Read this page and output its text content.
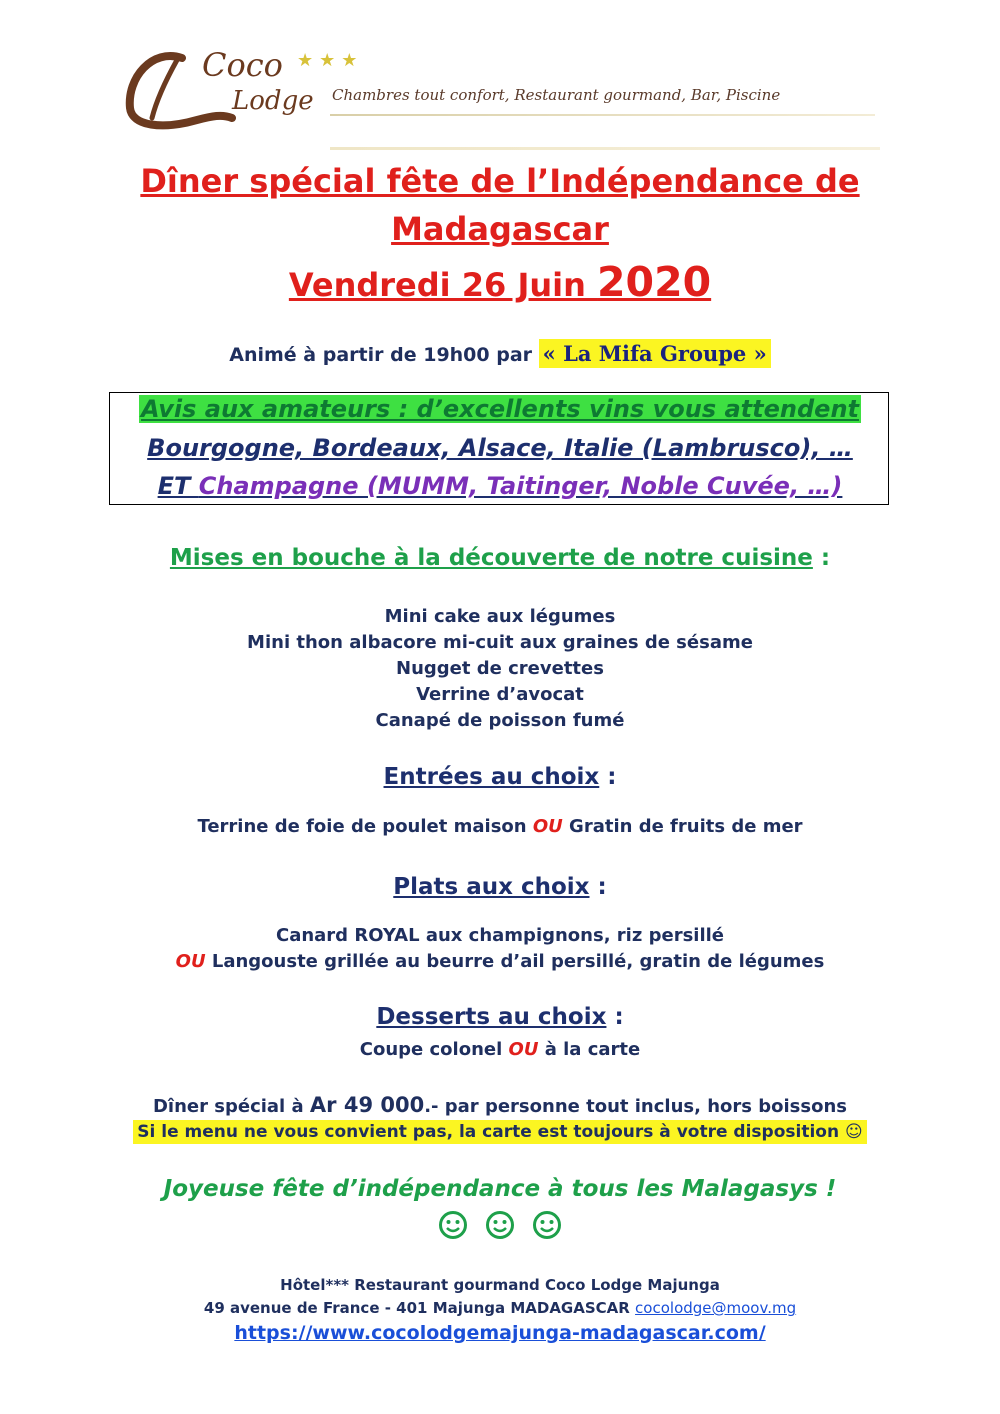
Coco
Lodge
★★★
Chambres tout confort, Restaurant gourmand, Bar, Piscine
Dîner spécial fête de l’Indépendance de
Madagascar
Vendredi 26 Juin 2020
Animé à partir de 19h00 par « La Mifa Groupe »
Avis aux amateurs : d’excellents vins vous attendent
Bourgogne, Bordeaux, Alsace, Italie (Lambrusco), …
ET Champagne (MUMM, Taitinger, Noble Cuvée, …)
Mises en bouche à la découverte de notre cuisine :
Mini cake aux légumes
Mini thon albacore mi-cuit aux graines de sésame
Nugget de crevettes
Verrine d’avocat
Canapé de poisson fumé
Entrées au choix :
Terrine de foie de poulet maison OU Gratin de fruits de mer
Plats aux choix :
Canard ROYAL aux champignons, riz persillé
OU Langouste grillée au beurre d’ail persillé, gratin de légumes
Desserts au choix :
Coupe colonel OU à la carte
Dîner spécial à Ar 49 000.- par personne tout inclus, hors boissons
Si le menu ne vous convient pas, la carte est toujours à votre disposition ☺
Joyeuse fête d’indépendance à tous les Malagasys !

Hôtel*** Restaurant gourmand Coco Lodge Majunga
49 avenue de France - 401 Majunga MADAGASCAR cocolodge@moov.mg
https://www.cocolodgemajunga-madagascar.com/
